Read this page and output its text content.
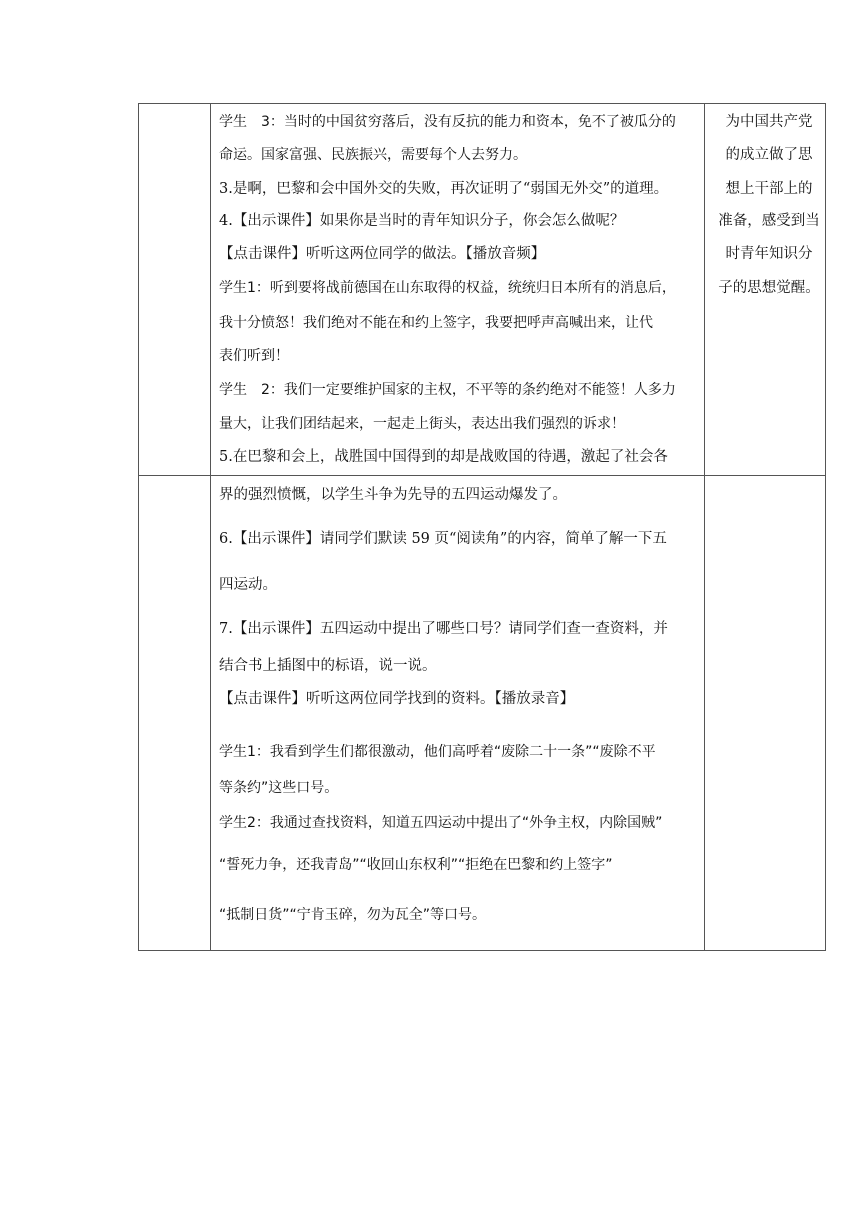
学生　3：当时的中国贫穷落后，没有反抗的能力和资本，免不了被瓜分的
命运。国家富强、民族振兴，需要每个人去努力。
3.是啊，巴黎和会中国外交的失败，再次证明了“弱国无外交”的道理。
4.【出示课件】如果你是当时的青年知识分子，你会怎么做呢？
【点击课件】听听这两位同学的做法。【播放音频】
学生1：听到要将战前德国在山东取得的权益，统统归日本所有的消息后，
我十分愤怒！我们绝对不能在和约上签字，我要把呼声高喊出来，让代
表们听到！
学生　2：我们一定要维护国家的主权，不平等的条约绝对不能签！人多力
量大，让我们团结起来，一起走上街头，表达出我们强烈的诉求！
5.在巴黎和会上，战胜国中国得到的却是战败国的待遇，激起了社会各
为中国共产党
的成立做了思
想上干部上的
准备，感受到当
时青年知识分
子的思想觉醒。
界的强烈愤慨，以学生斗争为先导的五四运动爆发了。
6.【出示课件】请同学们默读 59 页“阅读角”的内容，简单了解一下五
四运动。
7.【出示课件】五四运动中提出了哪些口号？请同学们查一查资料，并
结合书上插图中的标语，说一说。
【点击课件】听听这两位同学找到的资料。【播放录音】
学生1：我看到学生们都很激动，他们高呼着“废除二十一条”“废除不平
等条约”这些口号。
学生2：我通过查找资料，知道五四运动中提出了“外争主权，内除国贼”
“誓死力争，还我青岛”“收回山东权利”“拒绝在巴黎和约上签字”
“抵制日货”“宁肯玉碎，勿为瓦全”等口号。
